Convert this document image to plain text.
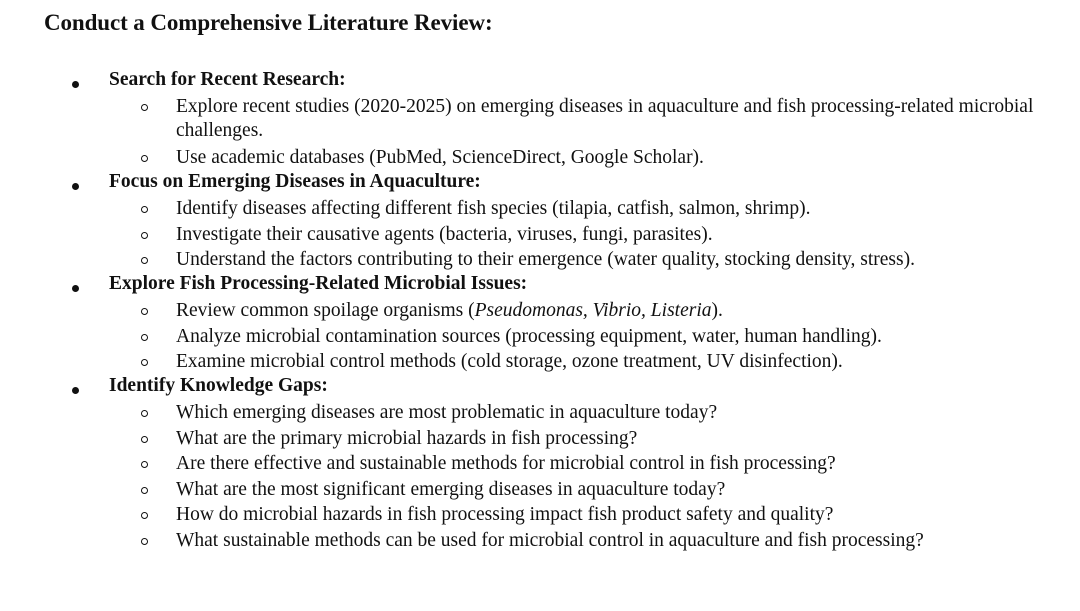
Conduct a Comprehensive Literature Review:
Search for Recent Research:
Explore recent studies (2020-2025) on emerging diseases in aquaculture and fish processing-related microbial challenges.
Use academic databases (PubMed, ScienceDirect, Google Scholar).
Focus on Emerging Diseases in Aquaculture:
Identify diseases affecting different fish species (tilapia, catfish, salmon, shrimp).
Investigate their causative agents (bacteria, viruses, fungi, parasites).
Understand the factors contributing to their emergence (water quality, stocking density, stress).
Explore Fish Processing-Related Microbial Issues:
Review common spoilage organisms (Pseudomonas, Vibrio, Listeria).
Analyze microbial contamination sources (processing equipment, water, human handling).
Examine microbial control methods (cold storage, ozone treatment, UV disinfection).
Identify Knowledge Gaps:
Which emerging diseases are most problematic in aquaculture today?
What are the primary microbial hazards in fish processing?
Are there effective and sustainable methods for microbial control in fish processing?
What are the most significant emerging diseases in aquaculture today?
How do microbial hazards in fish processing impact fish product safety and quality?
What sustainable methods can be used for microbial control in aquaculture and fish processing?
